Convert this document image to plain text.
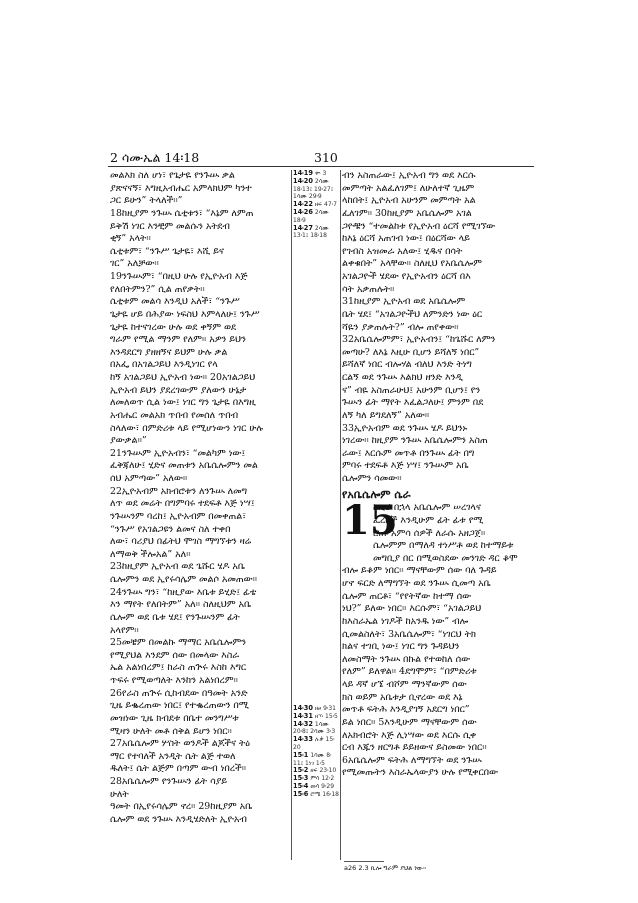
2 ሳሙኤል 14፡18	310
መልእክ ስለ ሆነ፣ የጌታዬ የንጉሡ ቃል
ያጽናናኝ፣ እግዚአብሔር አምላክህም ካንተ
ጋር ይሁን” ትላለች።”
18ከዚያም ንጉሡ ሴቲቱን፣ “እኔም ለምጠ
ይቅሽ ነገር እንቺም መልሱን አትደብ
ቂኝ” አላት።
ሴቲቱም፣ “ንጉሥ ጌታዬ፣ እሺ ይና
ገር” አለቻው።
19ንጉሡም፣ “በዚህ ሁሉ የኢዮአብ እጅ
የለበትምን?” ሲል ጠየቃት።
ሴቲቱም መልሳ እንዲህ አለች፣ “ንጉሥ
ጌታዬ ሆይ በሕያው ነፍስህ እምላለሁ፤ ንጉሥ
ጌታዬ ከተናገረው ሁሉ ወደ ቀኝም ወደ
ግራም የሚል ማንም የለም። አዎን ይህን
እንዳደርግ ያዘዘኝና ይህም ሁሉ ቃል
በአፌ በአገልጋይህ እንዲነገር የላ
ከኝ አገልጋይህ ኢዮአብ ነው። 20አገልጋይህ
ኢዮአብ ይህን ያደረገውም ያለውን ሁኔታ
ለመለወጥ ሲል ነው፤ ነገር ግን ጌታዬ በእግዚ
አብሔር መልአክ ጥበብ የመሰለ ጥበብ
ስላለው፣ በምድሪቱ ላይ የሚሆነውን ነገር ሁሉ
ያውቃል።”
21ንጉሡም ኢዮአብን፣ “መልካም ነው፤
ፈቅጃለሁ፤ ሂድና መጠቱን አቤሴሎምን መል
ሰህ አምጣው” አለው።
22ኢዮአብም አክብሮቱን ለንጉሡ ለመግ
ለጥ ወደ መሬት በግምባሩ ተደፍቶ እጅ ነሣ፤
ንጉሡንም ባረከ፤ ኢዮአብም በመቀጠል፣
“ንጉሥ የአገልጋዩን ልመና ስለ ተቀበ
ለው፣ ባሪያህ በፊትህ ሞገስ ማግኘቱን ዛሬ
ለማወቅ ችሎአል” አለ።
23ከዚያም ኢዮአብ ወደ ጌሹር ሄዶ አቤ
ሴሎምን ወደ ኢየሩሳሌም መልሶ አመጠው።
24ንጉሡ ግን፣ “ከዚያው እቤቱ ይሂድ፤ ፊቴ
እን ማየት የለበትም” አለ። ስለዚህም አቤ
ሴሎም ወደ ቤቱ ሄደ፤ የንጉሡንም ፊት
አላየም።
25መቼም በመልኩ ማማር አቤሴሎምን
የሚያህል እንደም ሰው በመላው እስራ
ኤል አልነበረም፤ ከራስ ጠጕሩ እስከ እግር
ጥፍሩ የሚወጣለት እንከን አልነበረም።
26የራስ ጠጕሩ ሲከብደው በዓመት አንድ
ጊዜ ይቈረጠው ነበር፤ የተቈረጠውን በሚ
መዝነው ጊዜ ክብደቱ በቤተ መንግሥቱ
ሚዛን ሁለት መቶ ሰቅል ይሆን ነበር።
27አቤሴሎም ሦስት ወንዶች ልጆችና ትዕ
ማር የተባለች አንዲት ሴት ልጅ ተወለ
ዱለት፤ ሴት ልጅም በጣም ውብ ነበረች።
28አቤሴሎም የንጉሡን ፊት ሳያይ
ሁለት
ዓመት በኢየሩሳሌም ኖረ። 29ከዚያም አቤ
ሴሎም ወደ ንጉሡ እንዲሄድለት ኢዮአብ
14፡19 ቍ 3
14፡20 2ሳሙ 18፡13፤ 19፡27፤ 1ሳሙ 29፡9
14፡22 ዘፍ 47፡7
14፡26 2ሳሙ 18፡9
14፡27 2ሳሙ 13፡1፤ 18፡18
14፡30 ዘፀ 9፡31
14፡31 ዘኍ 15፡5
14፡32 1ሳሙ 20፡8፤ 2ሳሙ 3፡3
14፡33 ሉቃ 15፡20
15፡1 1ሳሙ 8፡11፤ 1ነገ 1፡5
15፡2 ዘፍ 23፡10
15፡3 ምሳ 12፡2
15፡4 መሳ 9፡29
15፡6 ሮሜ 16፡18
ብን አስጠራው፤ ኢዮአብ ግን ወደ እርሱ
መምጣት አልፈለገም፤ ለሁለተኛ ጊዜም
ላከበት፤ ኢዮአብ አሁንም መምጣት አል
ፈለገም። 30ከዚያም አቤሴሎም አገል
ጋዮቹን “ተመልከቱ የኢዮአብ ዕርሻ የሚገኘው
ከእኔ ዕርሻ አጠገብ ነው፤ በዕርሻው ላይ
የገብስ አዝመራ አለው፤ ሂዱና በሳት
ልቀቁበት” አላቸው። ስለዚህ የአቤሴሎም
አገልጋዮች ሄደው የኢዮአብን ዕርሻ በእ
ሳት አቃጠሉት።
31ከዚያም ኢዮአብ ወደ አቤሴሎም
ቤት ሄደ፤ “አገልጋዮችህ ለምንድን ነው ዕር
ሻዬን ያቃጠሉት?” ብሎ ጠየቀው።
32አቤሴሎምም፣ ኢዮአብን፤ “ከጌሹር ለምን
መጣሁ? ለእኔ እዚሁ ቢሆን ይሻለኝ ነበር”
ይሻለኛ ነበር ብሎሃል ብለህ እንድ ትነግ
ርልኝ ወደ ንጉሡ እልክህ ዘንድ እንዲ
ና” ብዬ አስጠራሁህ፤ አሁንም ቢሆን፤ የን
ጉሡን ፊት ማየት እፈልጋለሁ፤ ምንም በደ
ለኝ ካለ ይግደለኝ” አለው።
33ኢዮአብም ወደ ንጉሡ ሄዶ ይህንኑ
ነገረው። ከዚያም ንጉሡ አቤሴሎምን አስጠ
ራው፤ እርሱም መጥቶ በንጉሡ ፊት በግ
ምባሩ ተደፍቶ እጅ ነሣ፤ ንጉሡም አቤ
ሴሎምን ሳመው።
የአቤሴሎም ሴራ
15
ከዚህ በኋላ አቤሴሎም ሠረገላና
ፈረሶች እንዲሁም ፊት ፊቱ የሚ
ሮጡ አምሳ ሰዎች ለራሱ አዘጋጀ።
ሴሎምም በማለዳ ተነሥቶ ወደ ከተማይቱ
መግቢያ በር በሚወስደው መንገድ ዳር ቆሞ
ብሎ ይቆም ነበር። ማናቸውም ሰው ባለ ጉዳይ
ሆኖ ፍርድ ለማግኘት ወደ ንጉሡ ሲመጣ አቤ
ሴሎም ጠርቶ፣ “የየትኛው ከተማ ሰው
ነህ?” ይለው ነበር። እርሱም፣ “አገልጋይህ
ከእስራኤል ነገዶች ከአንዱ ነው” ብሎ
ሲመልስለት፣ 3አቤሴሎም፣ “ነገርህ ትክ
ክልና ተገቢ ነው፤ ነገር ግን ጉዳይህን
ለመስማት ንጉሡ በኩል የተወከለ ሰው
የለም” ይለዋል። 4ደግሞም፣ “በምድሪቱ
ላይ ዳኛ ሆኜ ብሾም ማንኛውም ሰው
ክስ ወይም አቤቱታ ቢኖረው ወደ እኔ
መጥቶ ፍትሕ እንዲያገኝ አደርግ ነበር”
ይል ነበር። 5እንዲሁም ማናቸውም ሰው
ለአክብሮት እጅ ሊነሣው ወደ እርሱ ሲቀ
ርብ እጁን ዘርግቶ ይይዘውና ይስመው ነበር።
6አቤሴሎም ፍትሕ ለማግኘት ወደ ንጉሡ
የሚመጡትን እስራኤላውያን ሁሉ የሚቀርበው
a26 2.3 ኪሎ ግራም ያህል ነው።
